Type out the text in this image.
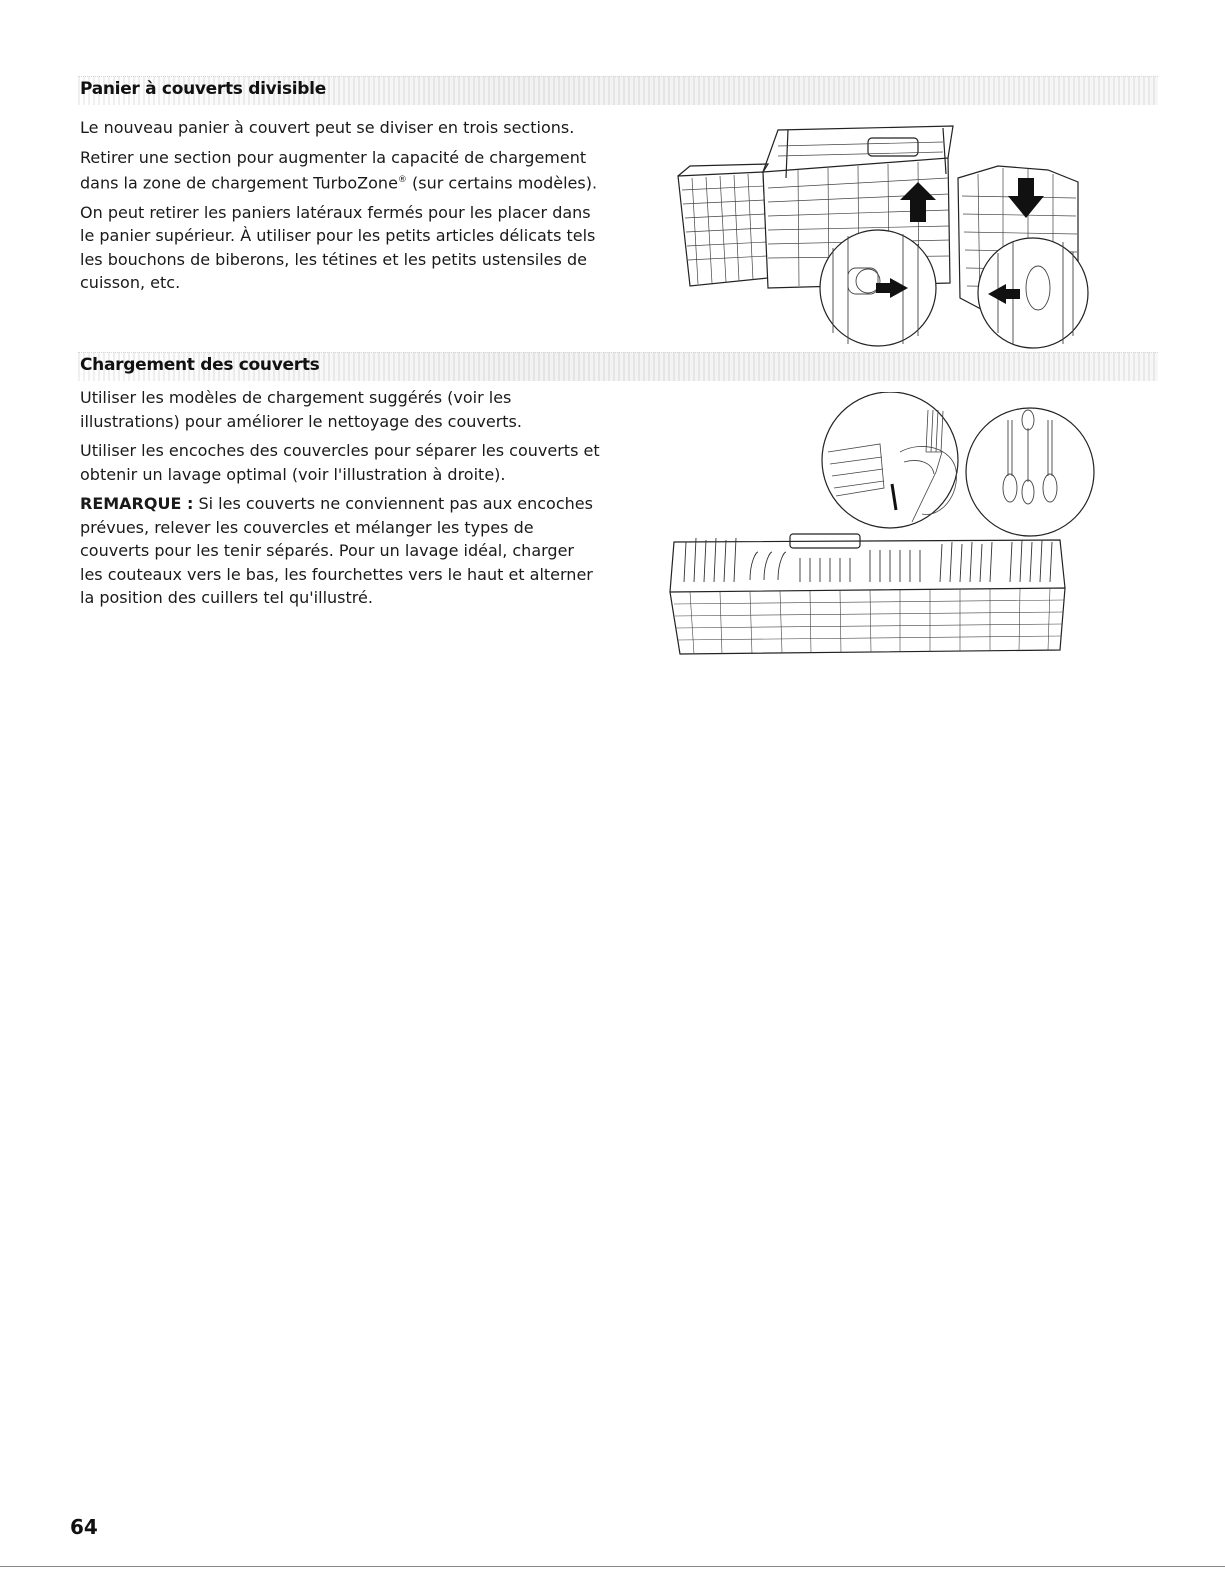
Panier à couverts divisible

Le nouveau panier à couvert peut se diviser en trois sections.

Retirer une section pour augmenter la capacité de chargement dans la zone de chargement TurboZone® (sur certains modèles).

On peut retirer les paniers latéraux fermés pour les placer dans le panier supérieur. À utiliser pour les petits articles délicats tels les bouchons de biberons, les tétines et les petits ustensiles de cuisson, etc.

Chargement des couverts

Utiliser les modèles de chargement suggérés (voir les illustrations) pour améliorer le nettoyage des couverts.

Utiliser les encoches des couvercles pour séparer les couverts et obtenir un lavage optimal (voir l'illustration à droite).

REMARQUE : Si les couverts ne conviennent pas aux encoches prévues, relever les couvercles et mélanger les types de couverts pour les tenir séparés. Pour un lavage idéal, charger les couteaux vers le bas, les fourchettes vers le haut et alterner la position des cuillers tel qu'illustré.

64
